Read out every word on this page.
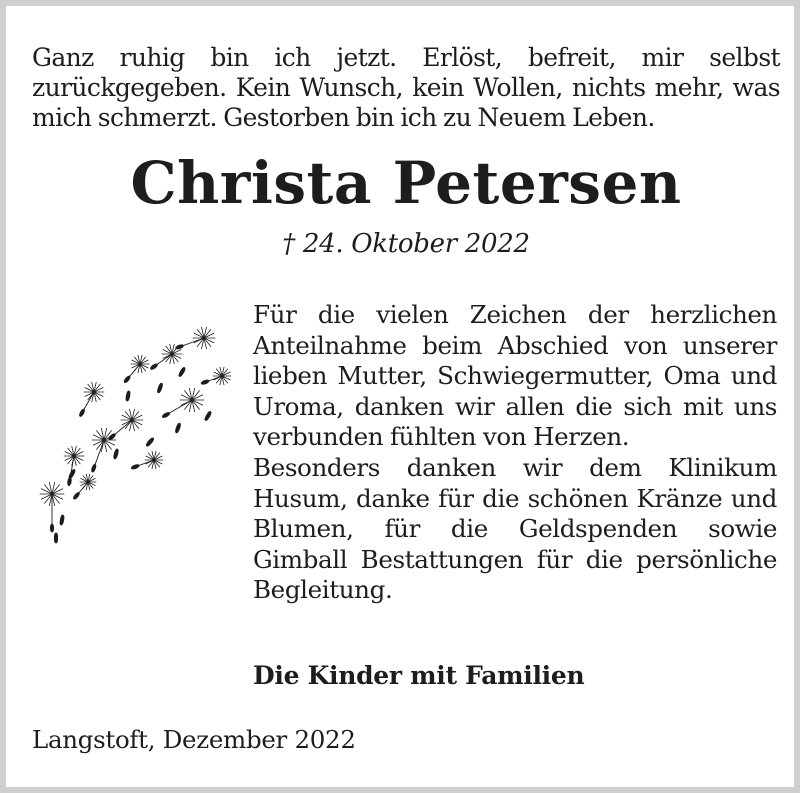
Ganz ruhig bin ich jetzt. Erlöst, befreit, mir selbst zurückgegeben. Kein Wunsch, kein Wollen, nichts mehr, was mich schmerzt. Gestorben bin ich zu Neuem Leben.
Christa Petersen
† 24. Oktober 2022

Für die vielen Zeichen der herzlichen Anteilnahme beim Abschied von unserer lieben Mutter, Schwiegermutter, Oma und Uroma, danken wir allen die sich mit uns verbunden fühlten von Herzen.

Besonders danken wir dem Klinikum Husum, danke für die schönen Kränze und Blumen, für die Geldspenden sowie Gimball Bestattungen für die persönliche Begleitung.

Die Kinder mit Familien
Langstoft, Dezember 2022
